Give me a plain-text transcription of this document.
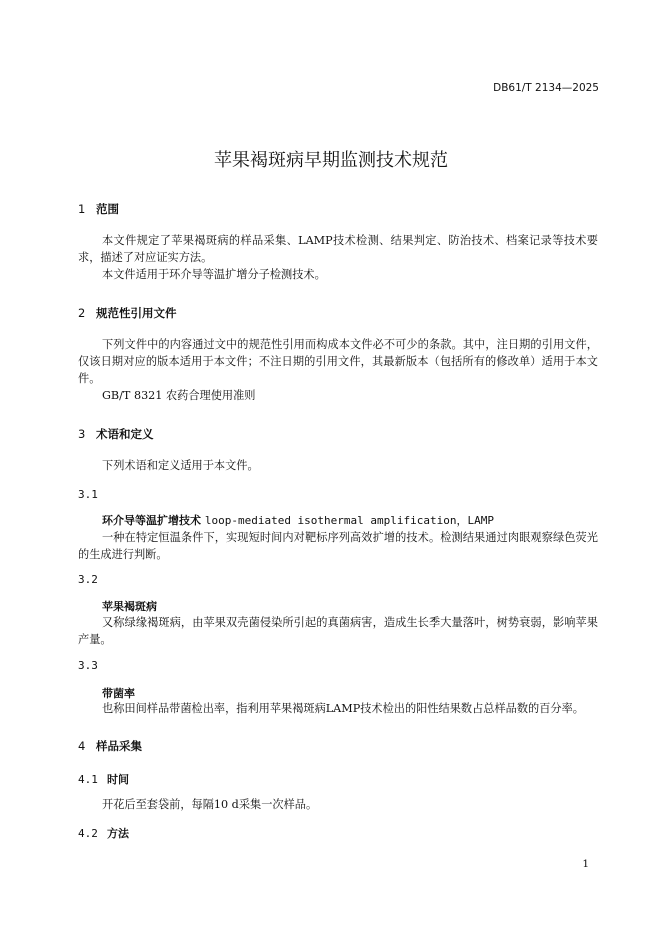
DB61/T 2134—2025
苹果褐斑病早期监测技术规范
1 范围

本文件规定了苹果褐斑病的样品采集、LAMP技术检测、结果判定、防治技术、档案记录等技术要求，描述了对应证实方法。

本文件适用于环介导等温扩增分子检测技术。

2 规范性引用文件

下列文件中的内容通过文中的规范性引用而构成本文件必不可少的条款。其中，注日期的引用文件，仅该日期对应的版本适用于本文件；不注日期的引用文件，其最新版本（包括所有的修改单）适用于本文件。

GB/T 8321 农药合理使用准则

3 术语和定义

下列术语和定义适用于本文件。

3.1
环介导等温扩增技术 loop-mediated isothermal amplification，LAMP

一种在特定恒温条件下，实现短时间内对靶标序列高效扩增的技术。检测结果通过肉眼观察绿色荧光的生成进行判断。

3.2
苹果褐斑病

又称绿缘褐斑病，由苹果双壳菌侵染所引起的真菌病害，造成生长季大量落叶，树势衰弱，影响苹果产量。

3.3
带菌率

也称田间样品带菌检出率，指利用苹果褐斑病LAMP技术检出的阳性结果数占总样品数的百分率。

4 样品采集
4.1 时间

开花后至套袋前，每隔10 d采集一次样品。

4.2 方法
1
